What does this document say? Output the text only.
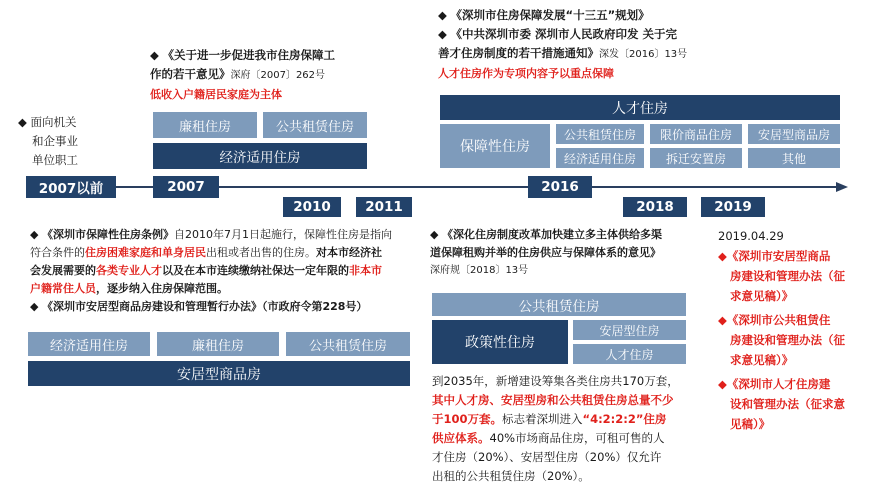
◆ 面向机关
和企事业
单位职工
◆ 《关于进一步促进我市住房保障工
作的若干意见》深府〔2007〕262号
低收入户籍居民家庭为主体
廉租住房	公共租赁住房
经济适用住房
◆ 《深圳市住房保障发展“十三五”规划》
◆ 《中共深圳市委 深圳市人民政府印发 关于完
善才住房制度的若干措施通知》深发〔2016〕13号
人才住房作为专项内容予以重点保障
人才住房
保障性住房
公共租赁住房	限价商品住房	安居型商品房
经济适用住房	拆迁安置房	其他
2007以前	2007
2010	2011
2016
2018	2019
◆ 《深圳市保障性住房条例》自2010年7月1日起施行，保障性住房是指向
符合条件的住房困难家庭和单身居民出租或者出售的住房。对本市经济社
会发展需要的各类专业人才以及在本市连续缴纳社保达一定年限的非本市
户籍常住人员，逐步纳入住房保障范围。
◆ 《深圳市安居型商品房建设和管理暂行办法》（市政府令第228号）
经济适用住房	廉租住房	公共租赁住房
安居型商品房
◆ 《深化住房制度改革加快建立多主体供给多渠
道保障租购并举的住房供应与保障体系的意见》
深府规〔2018〕13号
公共租赁住房
政策性住房
安居型住房
人才住房
到2035年，新增建设筹集各类住房共170万套，
其中人才房、安居型房和公共租赁住房总量不少
于100万套。标志着深圳进入“4:2:2:2”住房
供应体系。40%市场商品住房，可租可售的人
才住房（20%）、安居型住房（20%）仅允许
出租的公共租赁住房（20%）。
2019.04.29
◆《深圳市安居型商品
房建设和管理办法（征
求意见稿）》
◆《深圳市公共租赁住
房建设和管理办法（征
求意见稿）》
◆《深圳市人才住房建
设和管理办法（征求意
见稿）》
